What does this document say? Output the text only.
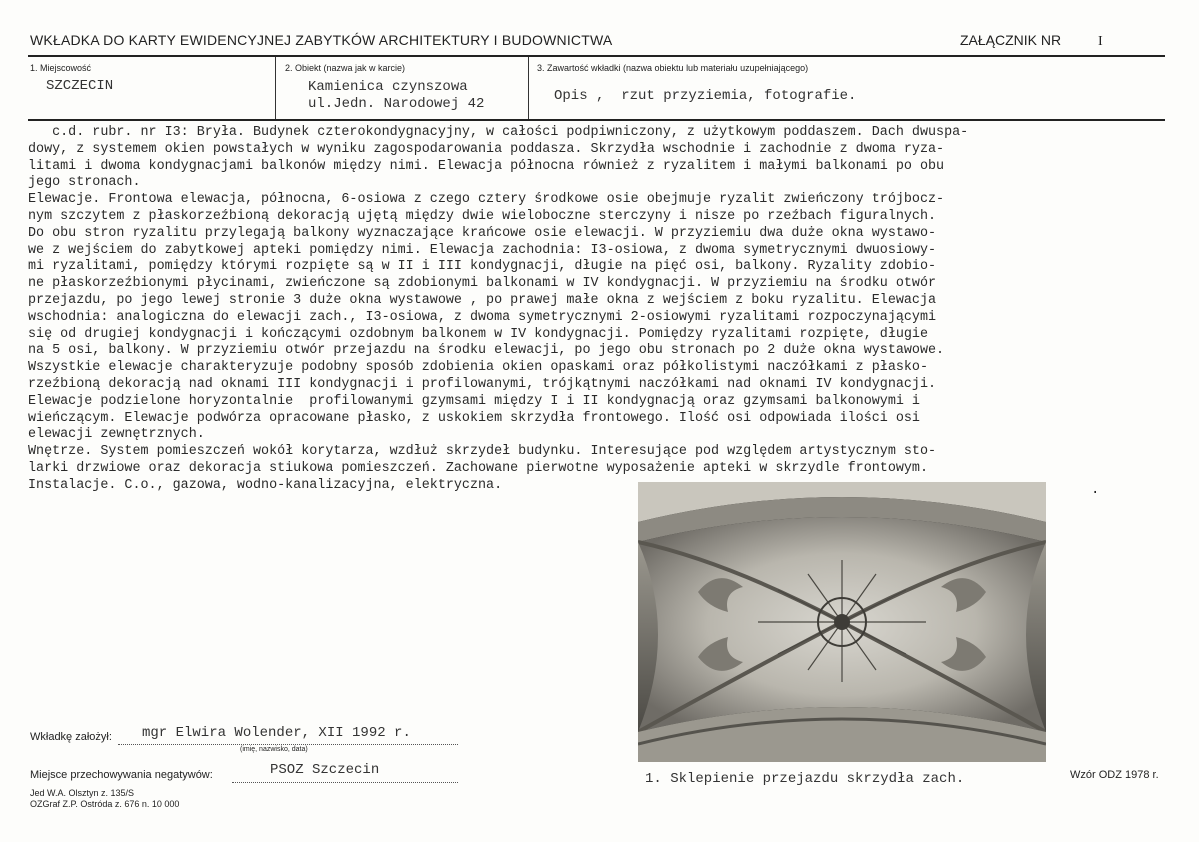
WKŁADKA DO KARTY EWIDENCYJNEJ ZABYTKÓW ARCHITEKTURY I BUDOWNICTWA	ZAŁĄCZNIK NR	I
1. Miejscowość
SZCZECIN
2. Obiekt (nazwa jak w karcie)
Kamienica czynszowa
ul.Jedn. Narodowej 42
3. Zawartość wkładki (nazwa obiektu lub materiału uzupełniającego)
Opis ,  rzut przyziemia, fotografie.
c.d. rubr. nr I3: Bryła. Budynek czterokondygnacyjny, w całości podpiwniczony, z użytkowym poddaszem. Dach dwuspa-
dowy, z systemem okien powstałych w wyniku zagospodarowania poddasza. Skrzydła wschodnie i zachodnie z dwoma ryza-
litami i dwoma kondygnacjami balkonów między nimi. Elewacja północna również z ryzalitem i małymi balkonami po obu
jego stronach.
Elewacje. Frontowa elewacja, północna, 6-osiowa z czego cztery środkowe osie obejmuje ryzalit zwieńczony trójbocz-
nym szczytem z płaskorzeźbioną dekoracją ujętą między dwie wieloboczne sterczyny i nisze po rzeźbach figuralnych.
Do obu stron ryzalitu przylegają balkony wyznaczające krańcowe osie elewacji. W przyziemiu dwa duże okna wystawo-
we z wejściem do zabytkowej apteki pomiędzy nimi. Elewacja zachodnia: I3-osiowa, z dwoma symetrycznymi dwuosiowy-
mi ryzalitami, pomiędzy którymi rozpięte są w II i III kondygnacji, długie na pięć osi, balkony. Ryzality zdobio-
ne płaskorzeźbionymi płycinami, zwieńczone są zdobionymi balkonami w IV kondygnacji. W przyziemiu na środku otwór
przejazdu, po jego lewej stronie 3 duże okna wystawowe , po prawej małe okna z wejściem z boku ryzalitu. Elewacja
wschodnia: analogiczna do elewacji zach., I3-osiowa, z dwoma symetrycznymi 2-osiowymi ryzalitami rozpoczynającymi
się od drugiej kondygnacji i kończącymi ozdobnym balkonem w IV kondygnacji. Pomiędzy ryzalitami rozpięte, długie
na 5 osi, balkony. W przyziemiu otwór przejazdu na środku elewacji, po jego obu stronach po 2 duże okna wystawowe.
Wszystkie elewacje charakteryzuje podobny sposób zdobienia okien opaskami oraz półkolistymi naczółkami z płasko-
rzeźbioną dekoracją nad oknami III kondygnacji i profilowanymi, trójkątnymi naczółkami nad oknami IV kondygnacji.
Elewacje podzielone horyzontalnie  profilowanymi gzymsami między I i II kondygnacją oraz gzymsami balkonowymi i
wieńczącym. Elewacje podwórza opracowane płasko, z uskokiem skrzydła frontowego. Ilość osi odpowiada ilości osi
elewacji zewnętrznych.
Wnętrze. System pomieszczeń wokół korytarza, wzdłuż skrzydeł budynku. Interesujące pod względem artystycznym sto-
larki drzwiowe oraz dekoracja stiukowa pomieszczeń. Zachowane pierwotne wyposażenie apteki w skrzydle frontowym.
Instalacje. C.o., gazowa, wodno-kanalizacyjna, elektryczna.	·
1. Sklepienie przejazdu skrzydła zach.
Wkładkę założył: mgr Elwira Wolender, XII 1992 r.
(imię, nazwisko, data)
Miejsce przechowywania negatywów:	PSOZ Szczecin
Jed W.A. Olsztyn z. 135/S
OZGraf Z.P. Ostróda z. 676 n. 10 000
Wzór ODZ 1978 r.
